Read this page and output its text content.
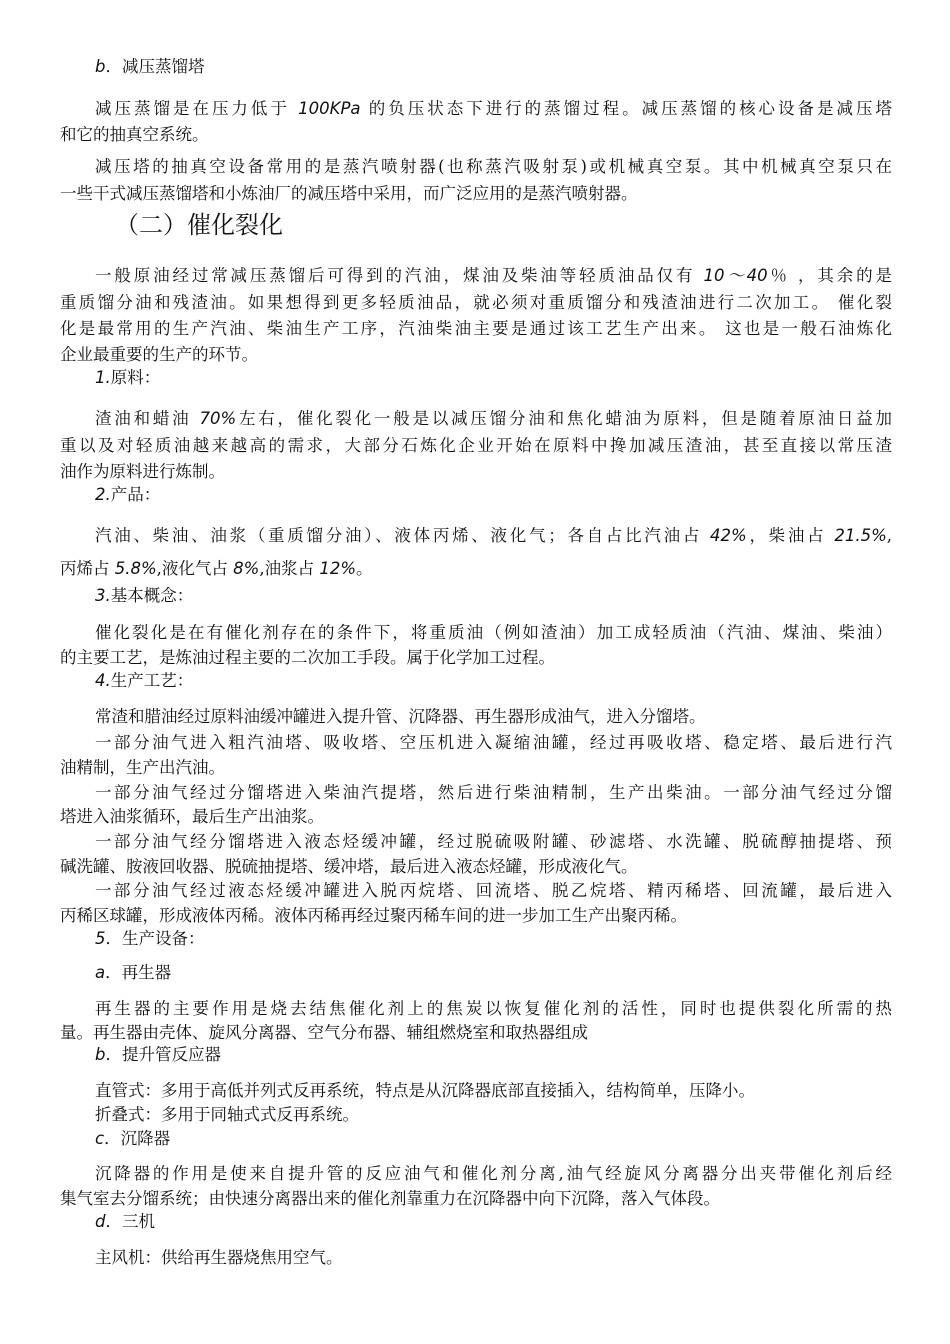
b．减压蒸馏塔
减压蒸馏是在压力低于 100KPa 的负压状态下进行的蒸馏过程。减压蒸馏的核心设备是减压塔
和它的抽真空系统。
减压塔的抽真空设备常用的是蒸汽喷射器(也称蒸汽吸射泵)或机械真空泵。其中机械真空泵只在
一些干式减压蒸馏塔和小炼油厂的减压塔中采用，而广泛应用的是蒸汽喷射器。
一般原油经过常减压蒸馏后可得到的汽油，煤油及柴油等轻质油品仅有 10～40％ ，其余的是
重质馏分油和残渣油。如果想得到更多轻质油品，就必须对重质馏分和残渣油进行二次加工。 催化裂
化是最常用的生产汽油、柴油生产工序，汽油柴油主要是通过该工艺生产出来。 这也是一般石油炼化
企业最重要的生产的环节。
1.原料：
渣油和蜡油 70%左右，催化裂化一般是以减压馏分油和焦化蜡油为原料，但是随着原油日益加
重以及对轻质油越来越高的需求，大部分石炼化企业开始在原料中搀加减压渣油，甚至直接以常压渣
油作为原料进行炼制。
2.产品：
汽油、柴油、油浆（重质馏分油）、液体丙烯、液化气；各自占比汽油占 42%，柴油占 21.5%,
丙烯占 5.8%,液化气占 8%,油浆占 12%。
3.基本概念：
催化裂化是在有催化剂存在的条件下，将重质油（例如渣油）加工成轻质油（汽油、煤油、柴油）
的主要工艺，是炼油过程主要的二次加工手段。属于化学加工过程。
4.生产工艺：
常渣和腊油经过原料油缓冲罐进入提升管、沉降器、再生器形成油气，进入分馏塔。
一部分油气进入粗汽油塔、吸收塔、空压机进入凝缩油罐，经过再吸收塔、稳定塔、最后进行汽
油精制，生产出汽油。
一部分油气经过分馏塔进入柴油汽提塔，然后进行柴油精制，生产出柴油。一部分油气经过分馏
塔进入油浆循环，最后生产出油浆。
一部分油气经分馏塔进入液态烃缓冲罐，经过脱硫吸附罐、砂滤塔、水洗罐、脱硫醇抽提塔、预
碱洗罐、胺液回收器、脱硫抽提塔、缓冲塔，最后进入液态烃罐，形成液化气。
一部分油气经过液态烃缓冲罐进入脱丙烷塔、回流塔、脱乙烷塔、精丙稀塔、回流罐，最后进入
丙稀区球罐，形成液体丙稀。液体丙稀再经过聚丙稀车间的进一步加工生产出聚丙稀。
5．生产设备：
a．再生器
再生器的主要作用是烧去结焦催化剂上的焦炭以恢复催化剂的活性，同时也提供裂化所需的热
量。再生器由壳体、旋风分离器、空气分布器、辅组燃烧室和取热器组成
b．提升管反应器
直管式：多用于高低并列式反再系统，特点是从沉降器底部直接插入，结构简单，压降小。
折叠式：多用于同轴式式反再系统。
c．沉降器
沉降器的作用是使来自提升管的反应油气和催化剂分离,油气经旋风分离器分出夹带催化剂后经
集气室去分馏系统；由快速分离器出来的催化剂靠重力在沉降器中向下沉降，落入气体段。
d．三机
主风机：供给再生器烧焦用空气。
（二）催化裂化
